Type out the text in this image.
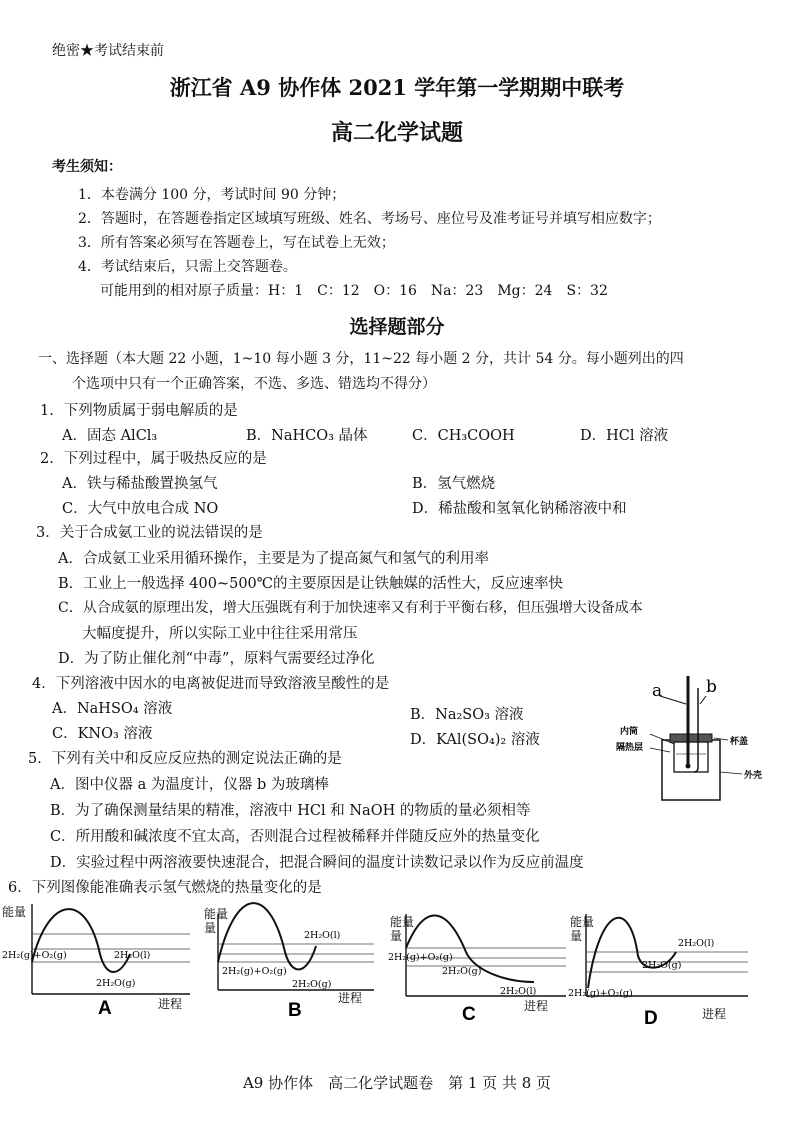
绝密★考试结束前
浙江省 A9 协作体 2021 学年第一学期期中联考
高二化学试题
考生须知：
1．本卷满分 100 分，考试时间 90 分钟；
2．答题时，在答题卷指定区域填写班级、姓名、考场号、座位号及准考证号并填写相应数字；
3．所有答案必须写在答题卷上，写在试卷上无效；
4．考试结束后，只需上交答题卷。
可能用到的相对原子质量：H：1　C：12　O：16　Na：23　Mg：24　S：32
选择题部分
一、选择题（本大题 22 小题，1~10 每小题 3 分，11~22 每小题 2 分，共计 54 分。每小题列出的四
个选项中只有一个正确答案，不选、多选、错选均不得分）
1．下列物质属于弱电解质的是
A．固态 AlCl₃	B．NaHCO₃ 晶体	C．CH₃COOH	D．HCl 溶液
2．下列过程中，属于吸热反应的是
A．铁与稀盐酸置换氢气	B．氢气燃烧
C．大气中放电合成 NO	D．稀盐酸和氢氧化钠稀溶液中和
3．关于合成氨工业的说法错误的是
A．合成氨工业采用循环操作，主要是为了提高氮气和氢气的利用率
B．工业上一般选择 400~500℃的主要原因是让铁触媒的活性大，反应速率快
C．从合成氨的原理出发，增大压强既有利于加快速率又有利于平衡右移，但压强增大设备成本
大幅度提升，所以实际工业中往往采用常压
D．为了防止催化剂“中毒”，原料气需要经过净化
4．下列溶液中因水的电离被促进而导致溶液呈酸性的是
A．NaHSO₄ 溶液	B．Na₂SO₃ 溶液
C．KNO₃ 溶液	D．KAl(SO₄)₂ 溶液
a	b
内筒
隔热层
杯盖
外壳
5．下列有关中和反应反应热的测定说法正确的是
A．图中仪器 a 为温度计，仪器 b 为玻璃棒
B．为了确保测量结果的精准，溶液中 HCl 和 NaOH 的物质的量必须相等
C．所用酸和碱浓度不宜太高，否则混合过程被稀释并伴随反应外的热量变化
D．实验过程中两溶液要快速混合，把混合瞬间的温度计读数记录以作为反应前温度
6．下列图像能准确表示氢气燃烧的热量变化的是
能量
2H₂(g)+O₂(g)	2H₂O(l)
2H₂O(g)
进程
A
能量
量
2H₂(g)+O₂(g)
2H₂O(l)
2H₂O(g)
进程
B
能量
量
2H₂(g)+O₂(g)
2H₂O(g)
2H₂O(l)
进程
C
能量
量
2H₂O(l)
2H₂O(g)
2H₂(g)+O₂(g)
进程
D
A9 协作体　高二化学试题卷　第 1 页 共 8 页
